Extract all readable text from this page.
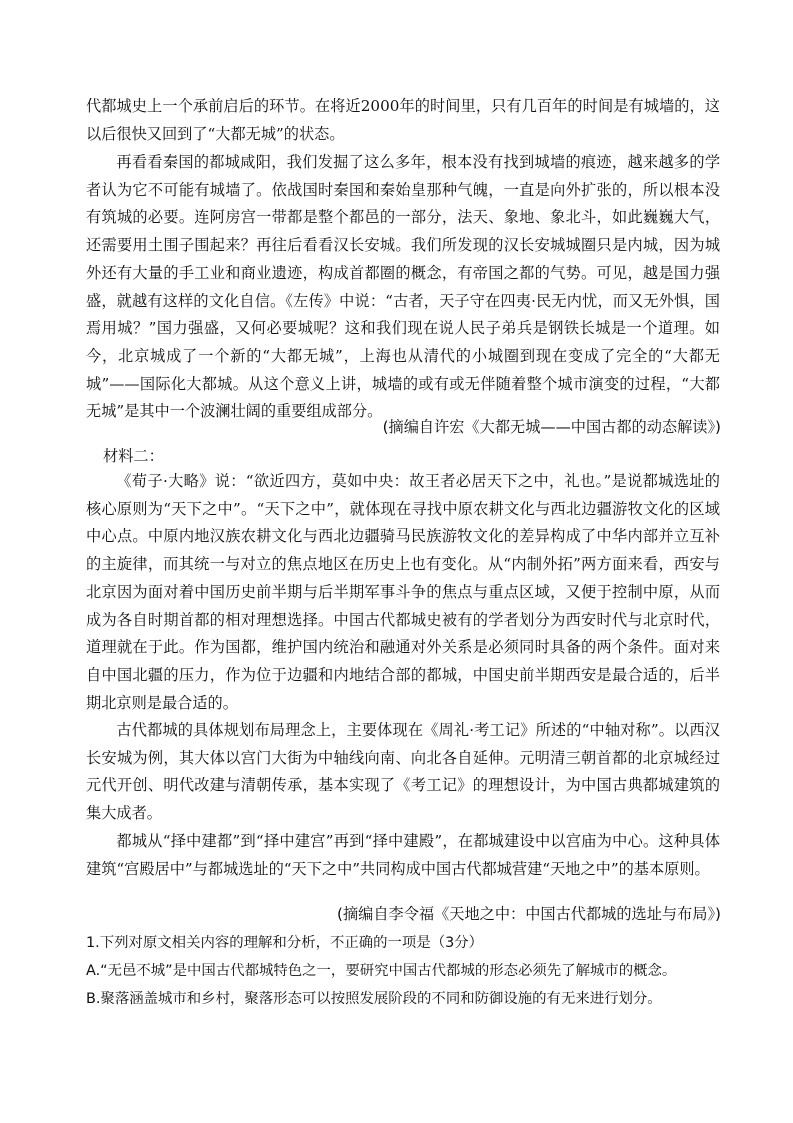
代都城史上一个承前启后的环节。在将近2000年的时间里，只有几百年的时间是有城墙的，这以后很快又回到了“大都无城”的状态。

再看看秦国的都城咸阳，我们发掘了这么多年，根本没有找到城墙的痕迹，越来越多的学者认为它不可能有城墙了。依战国时秦国和秦始皇那种气魄，一直是向外扩张的，所以根本没有筑城的必要。连阿房宫一带都是整个都邑的一部分，法天、象地、象北斗，如此巍巍大气，还需要用土围子围起来？再往后看看汉长安城。我们所发现的汉长安城城圈只是内城，因为城外还有大量的手工业和商业遗迹，构成首都圈的概念，有帝国之都的气势。可见，越是国力强盛，就越有这样的文化自信。《左传》中说：“古者，天子守在四夷·民无内忧，而又无外惧，国焉用城？”国力强盛，又何必要城呢？这和我们现在说人民子弟兵是钢铁长城是一个道理。如今，北京城成了一个新的“大都无城”，上海也从清代的小城圈到现在变成了完全的“大都无城”——国际化大都城。从这个意义上讲，城墙的或有或无伴随着整个城市演变的过程，“大都无城”是其中一个波澜壮阔的重要组成部分。

(摘编自许宏《大都无城——中国古都的动态解读》)

材料二：

《荀子·大略》说：“欲近四方，莫如中央：故王者必居天下之中，礼也。”是说都城选址的核心原则为“天下之中”。“天下之中”，就体现在寻找中原农耕文化与西北边疆游牧文化的区域中心点。中原内地汉族农耕文化与西北边疆骑马民族游牧文化的差异构成了中华内部并立互补的主旋律，而其统一与对立的焦点地区在历史上也有变化。从“内制外拓”两方面来看，西安与北京因为面对着中国历史前半期与后半期军事斗争的焦点与重点区域，又便于控制中原，从而成为各自时期首都的相对理想选择。中国古代都城史被有的学者划分为西安时代与北京时代，道理就在于此。作为国都，维护国内统治和融通对外关系是必须同时具备的两个条件。面对来自中国北疆的压力，作为位于边疆和内地结合部的都城，中国史前半期西安是最合适的，后半期北京则是最合适的。

古代都城的具体规划布局理念上，主要体现在《周礼·考工记》所述的“中轴对称”。以西汉长安城为例，其大体以宫门大街为中轴线向南、向北各自延伸。元明清三朝首都的北京城经过元代开创、明代改建与清朝传承，基本实现了《考工记》的理想设计，为中国古典都城建筑的集大成者。

都城从“择中建都”到“择中建宫”再到“择中建殿”，在都城建设中以宫庙为中心。这种具体建筑“宫殿居中”与都城选址的“天下之中”共同构成中国古代都城营建“天地之中”的基本原则。

(摘编自李令福《天地之中：中国古代都城的选址与布局》)

1.下列对原文相关内容的理解和分析，不正确的一项是（3分）

A.“无邑不城”是中国古代都城特色之一，要研究中国古代都城的形态必须先了解城市的概念。

B.聚落涵盖城市和乡村，聚落形态可以按照发展阶段的不同和防御设施的有无来进行划分。
